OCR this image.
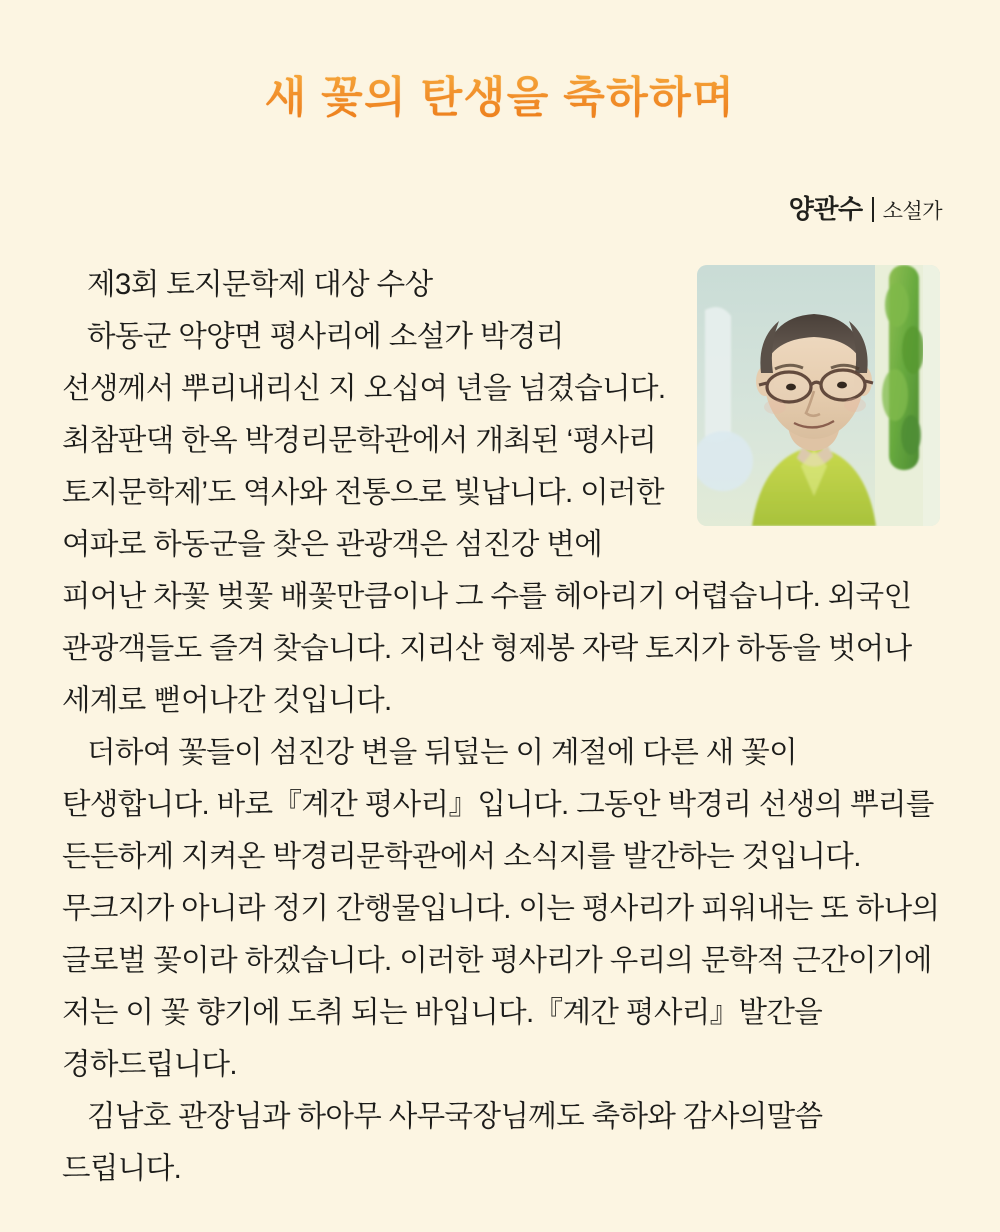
새 꽃의 탄생을 축하하며
양관수 소설가

제3회 토지문학제 대상 수상

하동군 악양면 평사리에 소설가 박경리 선생께서 뿌리내리신 지 오십여 년을 넘겼습니다. 최참판댁 한옥 박경리문학관에서 개최된 ‘평사리 토지문학제’도 역사와 전통으로 빛납니다. 이러한 여파로 하동군을 찾은 관광객은 섬진강 변에 피어난 차꽃 벚꽃 배꽃만큼이나 그 수를 헤아리기 어렵습니다. 외국인 관광객들도 즐겨 찾습니다. 지리산 형제봉 자락 토지가 하동을 벗어나 세계로 뻗어나간 것입니다.

더하여 꽃들이 섬진강 변을 뒤덮는 이 계절에 다른 새 꽃이 탄생합니다. 바로『계간 평사리』입니다. 그동안 박경리 선생의 뿌리를 든든하게 지켜온 박경리문학관에서 소식지를 발간하는 것입니다. 무크지가 아니라 정기 간행물입니다. 이는 평사리가 피워내는 또 하나의 글로벌 꽃이라 하겠습니다. 이러한 평사리가 우리의 문학적 근간이기에 저는 이 꽃 향기에 도취 되는 바입니다.『계간 평사리』발간을 경하드립니다.

김남호 관장님과 하아무 사무국장님께도 축하와 감사의말씀 드립니다.
